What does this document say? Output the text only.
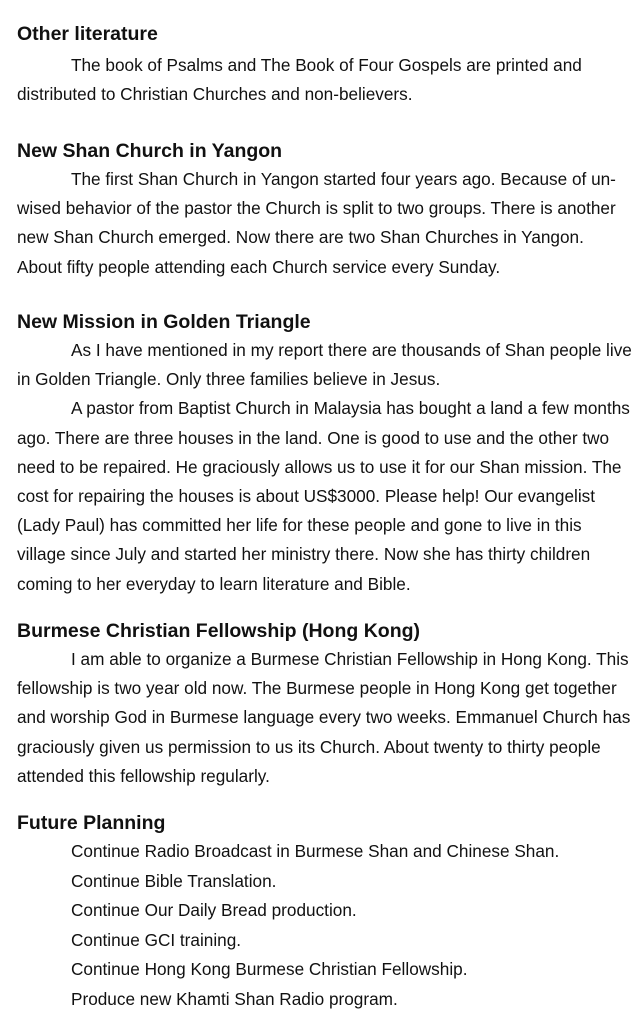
Other literature

The book of Psalms and The Book of Four Gospels are printed and distributed to Christian Churches and non-believers.

New Shan Church in Yangon

The first Shan Church in Yangon started four years ago. Because of un-wised behavior of the pastor the Church is split to two groups. There is another new Shan Church emerged. Now there are two Shan Churches in Yangon. About fifty people attending each Church service every Sunday.

New Mission in Golden Triangle

As I have mentioned in my report there are thousands of Shan people live in Golden Triangle. Only three families believe in Jesus.

A pastor from Baptist Church in Malaysia has bought a land a few months ago. There are three houses in the land. One is good to use and the other two need to be repaired. He graciously allows us to use it for our Shan mission. The cost for repairing the houses is about US$3000. Please help! Our evangelist (Lady Paul) has committed her life for these people and gone to live in this village since July and started her ministry there. Now she has thirty children coming to her everyday to learn literature and Bible.

Burmese Christian Fellowship (Hong Kong)

I am able to organize a Burmese Christian Fellowship in Hong Kong. This fellowship is two year old now. The Burmese people in Hong Kong get together and worship God in Burmese language every two weeks. Emmanuel Church has graciously given us permission to us its Church. About twenty to thirty people attended this fellowship regularly.

Future Planning
Continue Radio Broadcast in Burmese Shan and Chinese Shan.
Continue Bible Translation.
Continue Our Daily Bread production.
Continue GCI training.
Continue Hong Kong Burmese Christian Fellowship.
Produce new Khamti Shan Radio program.
